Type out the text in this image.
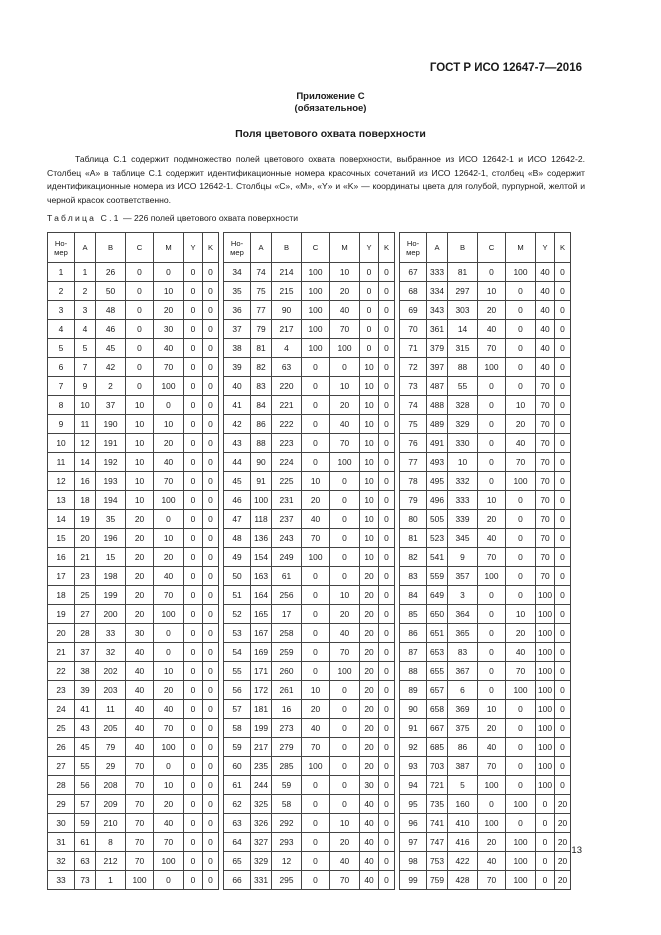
ГОСТ Р ИСО 12647-7—2016
Приложение С
(обязательное)
Поля цветового охвата поверхности

Таблица С.1 содержит подмножество полей цветового охвата поверхности, выбранное из ИСО 12642-1 и ИСО 12642-2. Столбец «А» в таблице С.1 содержит идентификационные номера красочных сочетаний из ИСО 12642-1, столбец «В» содержит идентификационные номера из ИСО 12642-1. Столбцы «С», «М», «Y» и «K» — координаты цвета для голубой, пурпурной, желтой и черной красок соответственно.

Таблица С.1 — 226 полей цветового охвата поверхности
Но-
мер	A	B	C	M	Y	K
1	1	26	0	0	0	0
2	2	50	0	10	0	0
3	3	48	0	20	0	0
4	4	46	0	30	0	0
5	5	45	0	40	0	0
6	7	42	0	70	0	0
7	9	2	0	100	0	0
8	10	37	10	0	0	0
9	11	190	10	10	0	0
10	12	191	10	20	0	0
11	14	192	10	40	0	0
12	16	193	10	70	0	0
13	18	194	10	100	0	0
14	19	35	20	0	0	0
15	20	196	20	10	0	0
16	21	15	20	20	0	0
17	23	198	20	40	0	0
18	25	199	20	70	0	0
19	27	200	20	100	0	0
20	28	33	30	0	0	0
21	37	32	40	0	0	0
22	38	202	40	10	0	0
23	39	203	40	20	0	0
24	41	11	40	40	0	0
25	43	205	40	70	0	0
26	45	79	40	100	0	0
27	55	29	70	0	0	0
28	56	208	70	10	0	0
29	57	209	70	20	0	0
30	59	210	70	40	0	0
31	61	8	70	70	0	0
32	63	212	70	100	0	0
33	73	1	100	0	0	0
Но-
мер	A	B	C	M	Y	K
34	74	214	100	10	0	0
35	75	215	100	20	0	0
36	77	90	100	40	0	0
37	79	217	100	70	0	0
38	81	4	100	100	0	0
39	82	63	0	0	10	0
40	83	220	0	10	10	0
41	84	221	0	20	10	0
42	86	222	0	40	10	0
43	88	223	0	70	10	0
44	90	224	0	100	10	0
45	91	225	10	0	10	0
46	100	231	20	0	10	0
47	118	237	40	0	10	0
48	136	243	70	0	10	0
49	154	249	100	0	10	0
50	163	61	0	0	20	0
51	164	256	0	10	20	0
52	165	17	0	20	20	0
53	167	258	0	40	20	0
54	169	259	0	70	20	0
55	171	260	0	100	20	0
56	172	261	10	0	20	0
57	181	16	20	0	20	0
58	199	273	40	0	20	0
59	217	279	70	0	20	0
60	235	285	100	0	20	0
61	244	59	0	0	30	0
62	325	58	0	0	40	0
63	326	292	0	10	40	0
64	327	293	0	20	40	0
65	329	12	0	40	40	0
66	331	295	0	70	40	0
Но-
мер	A	B	C	M	Y	K
67	333	81	0	100	40	0
68	334	297	10	0	40	0
69	343	303	20	0	40	0
70	361	14	40	0	40	0
71	379	315	70	0	40	0
72	397	88	100	0	40	0
73	487	55	0	0	70	0
74	488	328	0	10	70	0
75	489	329	0	20	70	0
76	491	330	0	40	70	0
77	493	10	0	70	70	0
78	495	332	0	100	70	0
79	496	333	10	0	70	0
80	505	339	20	0	70	0
81	523	345	40	0	70	0
82	541	9	70	0	70	0
83	559	357	100	0	70	0
84	649	3	0	0	100	0
85	650	364	0	10	100	0
86	651	365	0	20	100	0
87	653	83	0	40	100	0
88	655	367	0	70	100	0
89	657	6	0	100	100	0
90	658	369	10	0	100	0
91	667	375	20	0	100	0
92	685	86	40	0	100	0
93	703	387	70	0	100	0
94	721	5	100	0	100	0
95	735	160	0	100	0	20
96	741	410	100	0	0	20
97	747	416	20	100	0	20
98	753	422	40	100	0	20
99	759	428	70	100	0	20
13
